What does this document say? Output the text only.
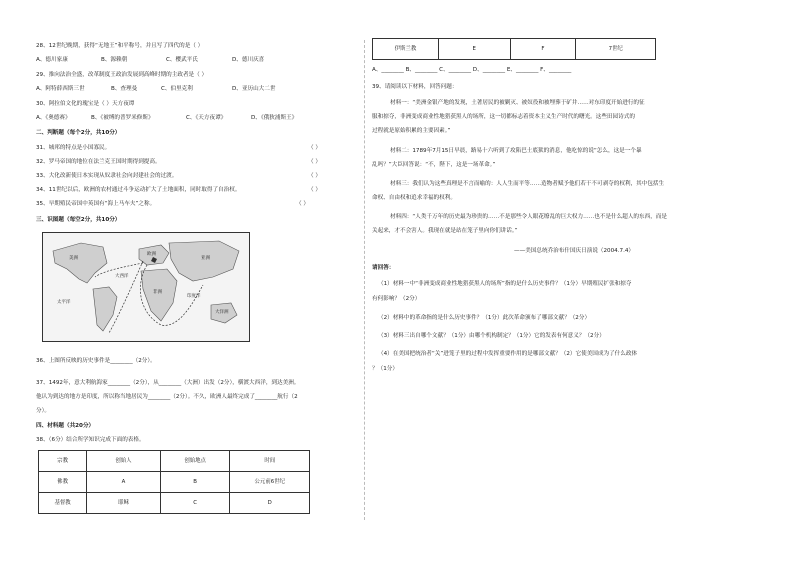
28、12世纪晚期，获得“无地王”和平称号，并且写了四代的是（ ）
A、德川家康	B、源赖朝	C、樱武平氏	D、德川庆喜
29、推向法治全盛，改革制度王政治发展到高峰时期的主政者是（ ）
A、阿特薛西斯三世	B、查理曼	C、伯里克利	D、亚历山大二世
30、阿拉伯文化的瑰宝是（ ）天方夜谭
A、《奥德赛》	B、《被缚的普罗米修斯》	C、《天方夜谭》	D、《俄狄浦斯王》
二、判断题（每个2分，共10分）
31、城邦的特点是小国寡民。	（ ）
32、罗马帝国的地位在法兰克王国时期得到提高。	（ ）
33、大化改新使日本实现从奴隶社会向封建社会的过渡。	（ ）
34、11世纪以后，欧洲的农村通过斗争运动扩大了土地面积，同时取得了自治权。	（ ）
35、早期殖民帝国中英国有“海上马车夫”之称。	（ ）
三、识图题（每空2分，共10分）
欧洲
亚洲
非洲
美洲
大西洋
太平洋
印度洋
大洋洲
36、上图所反映的历史事件是________（2分）。
37、1492年，意大利航海家________（2分），从________（大洲）出发（2分），横渡大西洋，到达美洲。
他认为到达的地方是印度，所以称当地居民为________（2分）。不久，欧洲人最终完成了________航行（2
分）。
四、材料题（共20分）
38、（6分）结合所学知识完成下面的表格。
宗教	创始人	创始地点	时间
佛教	A	B	公元前6世纪
基督教	耶稣	C	D
伊斯兰教	E	F	7世纪
A、________ B、________ C、________ D、________ E、________ F、________
39、请阅读以下材料，回答问题：
材料一：“美洲金银产地的发现，土著居民的被剿灭、被奴役和被埋葬于矿井……对东印度开始进行的征
服和掠夺，非洲变成商业性地猎获黑人的场所，这一切都标志着资本主义生产时代的曙光。这些田园诗式的
过程就是原始积累的主要因素。”
材料二：1789年7月15日早晨，路易十六听到了攻陷巴士底狱的消息，他吃惊的说“怎么，这是一个暴
乱吗？”大臣回答说：“不，陛下，这是一场革命。”
材料三：我们认为这些真理是不言而喻的：人人生而平等……造物者赋予他们若干不可剥夺的权利，其中包括生
命权、自由权和追求幸福的权利。
材料四：“人类千万年的历史最为珍贵的……不是那些令人眼花缭乱的巨大权力……也不是什么超人的东西，而是
关起来，才不会害人。我现在就是站在笼子里向你们讲话。”
——美国总统乔治布什国庆日演说（2004.7.4）
请回答：
（1）材料一中“非洲变成商业性地猎获黑人的场所”指的是什么历史事件？（1分）早期殖民扩张和掠夺
有何影响？（2分）
（2）材料中的革命指的是什么历史事件？（1分）此次革命颁布了哪部文献？（2分）
（3）材料三出自哪个文献？（1分）由哪个机构制定？（1分）它的发表有何意义？（2分）
（4）在美国把统治者“关”进笼子里的过程中发挥重要作用的是哪部文献？（2）它使美国成为了什么政体
？（1分）
